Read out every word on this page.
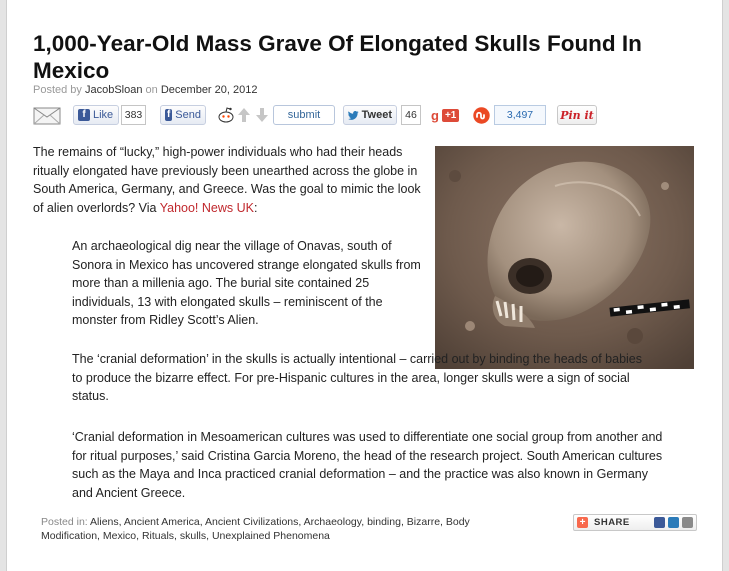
1,000-Year-Old Mass Grave Of Elongated Skulls Found In Mexico
Posted by JacobSloan on December 20, 2012
f Like	383	f Send	submit	Tweet	46	g +1	3,497	Pin it

The remains of “lucky,” high-power individuals who had their heads ritually elongated have previously been unearthed across the globe in South America, Germany, and Greece. Was the goal to mimic the look of alien overlords? Via Yahoo! News UK:

An archaeological dig near the village of Onavas, south of Sonora in Mexico has uncovered strange elongated skulls from more than a millenia ago. The burial site contained 25 individuals, 13 with elongated skulls – reminiscent of the monster from Ridley Scott’s Alien.

The ‘cranial deformation’ in the skulls is actually intentional – carried out by binding the heads of babies to produce the bizarre effect. For pre-Hispanic cultures in the area, longer skulls were a sign of social status.

‘Cranial deformation in Mesoamerican cultures was used to differentiate one social group from another and for ritual purposes,’ said Cristina Garcia Moreno, the head of the research project. South American cultures such as the Maya and Inca practiced cranial deformation – and the practice was also known in Germany and Ancient Greece.

Posted in: Aliens, Ancient America, Ancient Civilizations, Archaeology, binding, Bizarre, Body Modification, Mexico, Rituals, skulls, Unexplained Phenomena
+ SHARE
